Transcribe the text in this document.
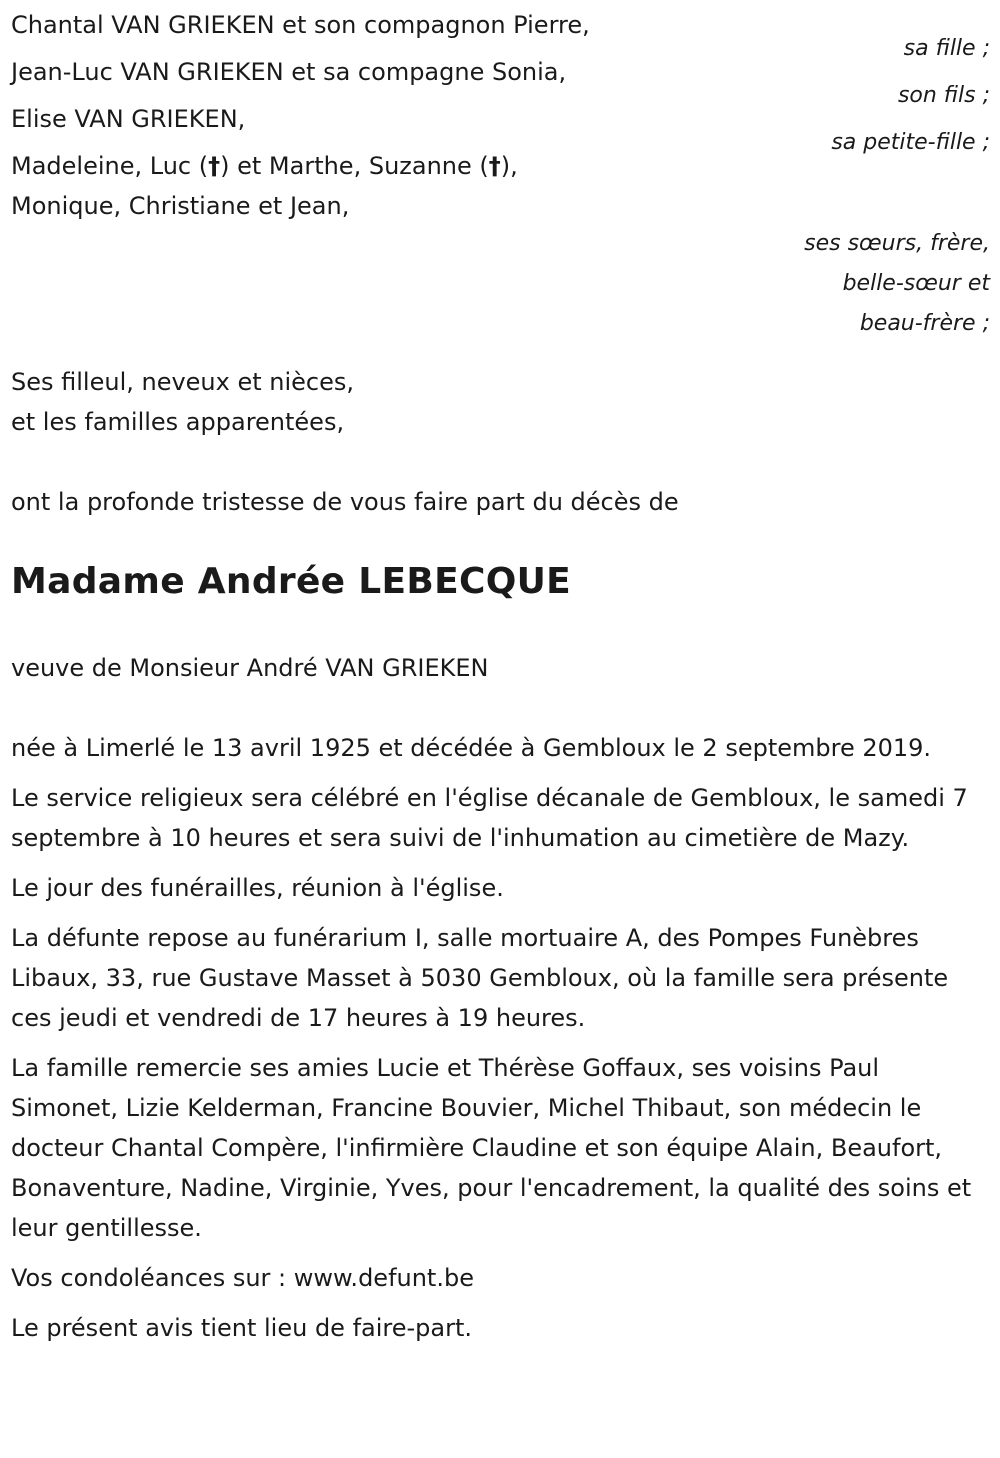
Chantal VAN GRIEKEN et son compagnon Pierre,
sa fille ;
Jean-Luc VAN GRIEKEN et sa compagne Sonia,
son fils ;
Elise VAN GRIEKEN,
sa petite-fille ;
Madeleine, Luc (†) et Marthe, Suzanne (†),
Monique, Christiane et Jean,
ses sœurs, frère,
belle-sœur et
beau-frère ;
Ses filleul, neveux et nièces,
et les familles apparentées,

ont la profonde tristesse de vous faire part du décès de

Madame Andrée LEBECQUE

veuve de Monsieur André VAN GRIEKEN

née à Limerlé le 13 avril 1925 et décédée à Gembloux le 2 septembre 2019.

Le service religieux sera célébré en l'église décanale de Gembloux, le samedi 7 septembre à 10 heures et sera suivi de l'inhumation au cimetière de Mazy.

Le jour des funérailles, réunion à l'église.

La défunte repose au funérarium I, salle mortuaire A, des Pompes Funèbres Libaux, 33, rue Gustave Masset à 5030 Gembloux, où la famille sera présente ces jeudi et vendredi de 17 heures à 19 heures.

La famille remercie ses amies Lucie et Thérèse Goffaux, ses voisins Paul Simonet, Lizie Kelderman, Francine Bouvier, Michel Thibaut, son médecin le docteur Chantal Compère, l'infirmière Claudine et son équipe Alain, Beaufort, Bonaventure, Nadine, Virginie, Yves, pour l'encadrement, la qualité des soins et leur gentillesse.

Vos condoléances sur : www.defunt.be

Le présent avis tient lieu de faire-part.
